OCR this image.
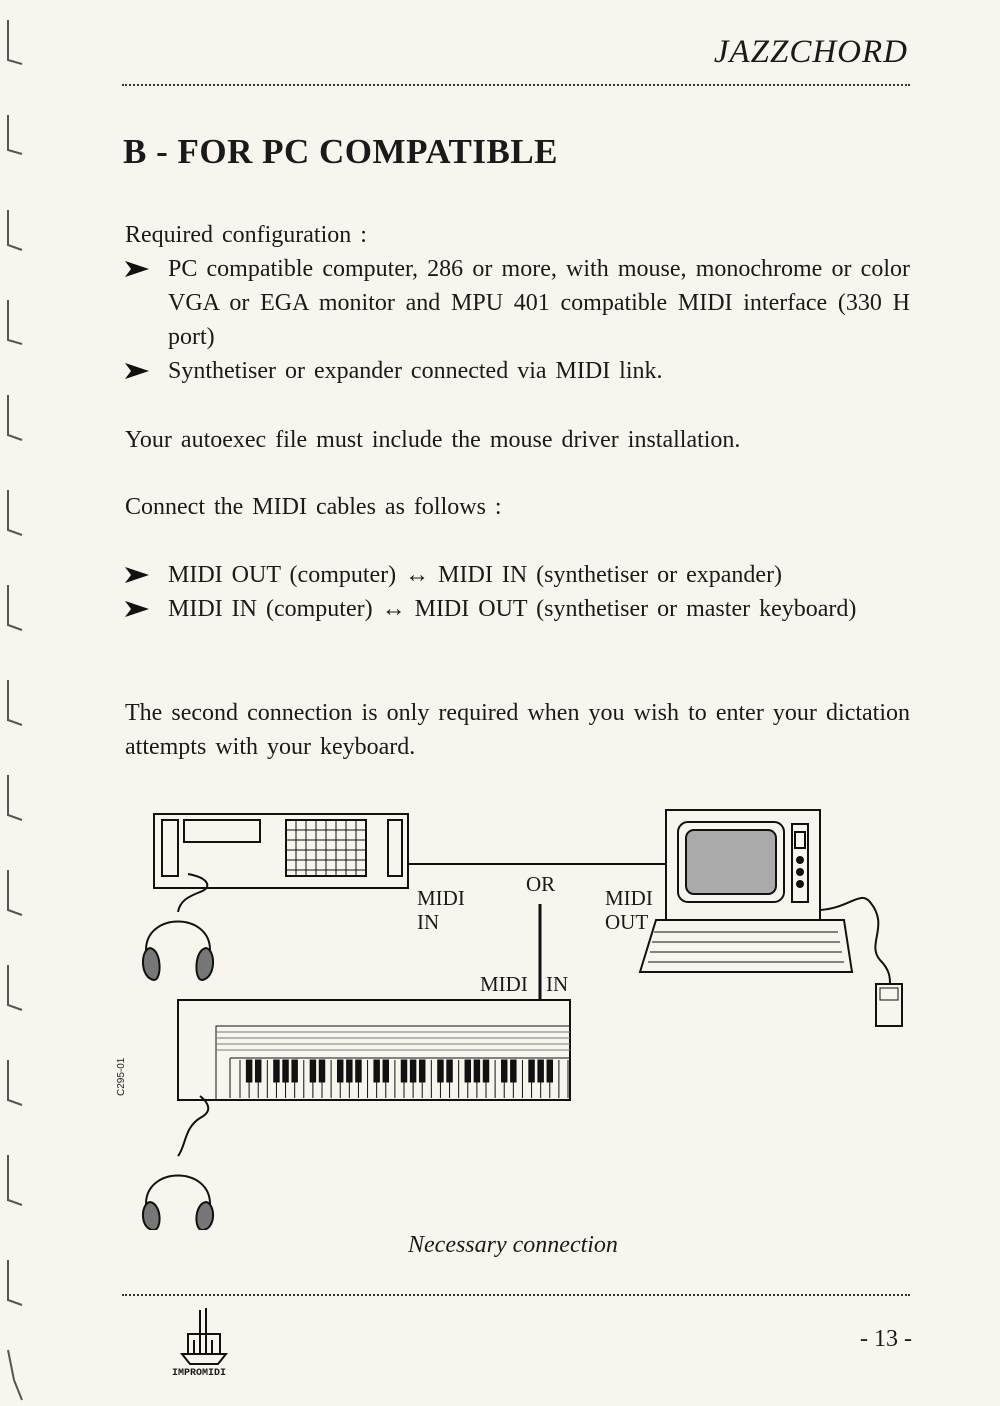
JAZZCHORD
B - FOR PC COMPATIBLE
Required configuration :
PC compatible computer, 286 or more, with mouse, monochrome or color VGA or EGA monitor and MPU 401 compatible MIDI interface (330 H port)
Synthetiser or expander connected via MIDI link.
Your autoexec file must include the mouse driver installation.
Connect the MIDI cables as follows :
MIDI OUT (computer) ↔ MIDI IN (synthetiser or expander)
MIDI IN (computer) ↔ MIDI OUT (synthetiser or master keyboard)
The second connection is only required when you wish to enter your dictation attempts with your keyboard.
MIDI
IN
OR
MIDI
OUT
MIDI IN
C295-01
Necessary connection
IMPROMIDI
- 13 -
